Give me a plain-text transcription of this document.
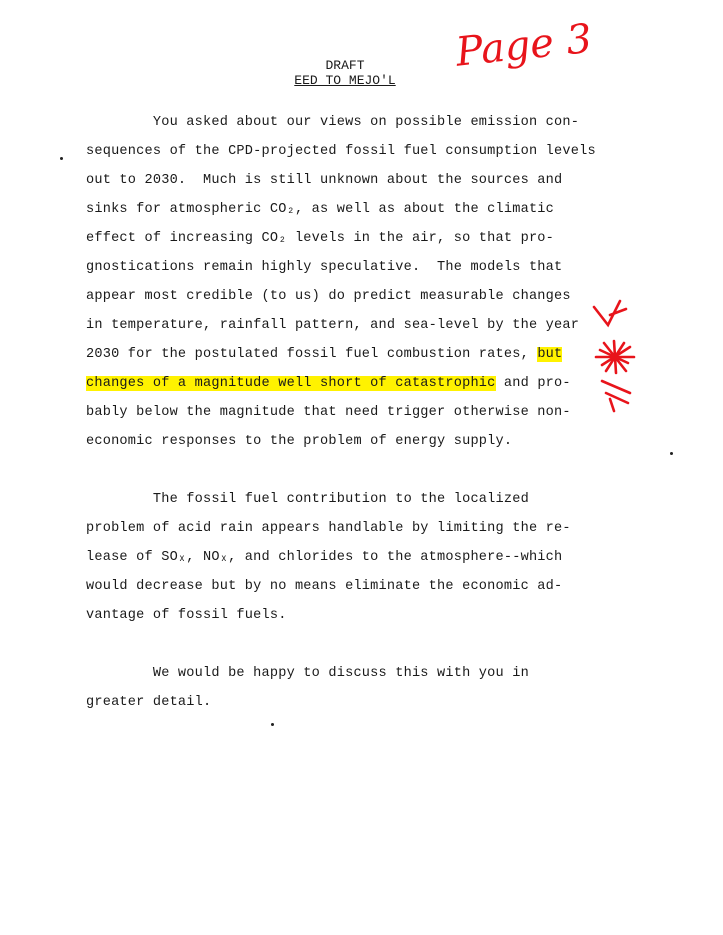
Page 3
DRAFT
EED TO MEJO'L
You asked about our views on possible emission con-
sequences of the CPD-projected fossil fuel consumption levels
out to 2030.  Much is still unknown about the sources and
sinks for atmospheric CO₂, as well as about the climatic
effect of increasing CO₂ levels in the air, so that pro-
gnostications remain highly speculative.  The models that
appear most credible (to us) do predict measurable changes
in temperature, rainfall pattern, and sea-level by the year
2030 for the postulated fossil fuel combustion rates, but
changes of a magnitude well short of catastrophic and pro-
bably below the magnitude that need trigger otherwise non-
economic responses to the problem of energy supply.
The fossil fuel contribution to the localized
problem of acid rain appears handlable by limiting the re-
lease of SOₓ, NOₓ, and chlorides to the atmosphere--which
would decrease but by no means eliminate the economic ad-
vantage of fossil fuels.
We would be happy to discuss this with you in
greater detail.
